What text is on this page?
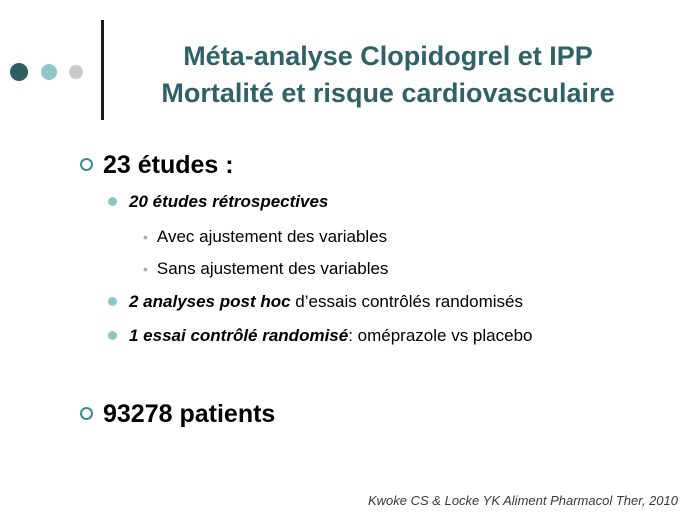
Méta-analyse Clopidogrel et IPP
Mortalité et risque cardiovasculaire
23 études :
20 études rétrospectives
• Avec ajustement des variables
• Sans ajustement des variables
2 analyses post hoc d’essais contrôlés randomisés
1 essai contrôlé randomisé: oméprazole vs placebo
93278 patients
Kwoke CS & Locke YK Aliment Pharmacol Ther, 2010
